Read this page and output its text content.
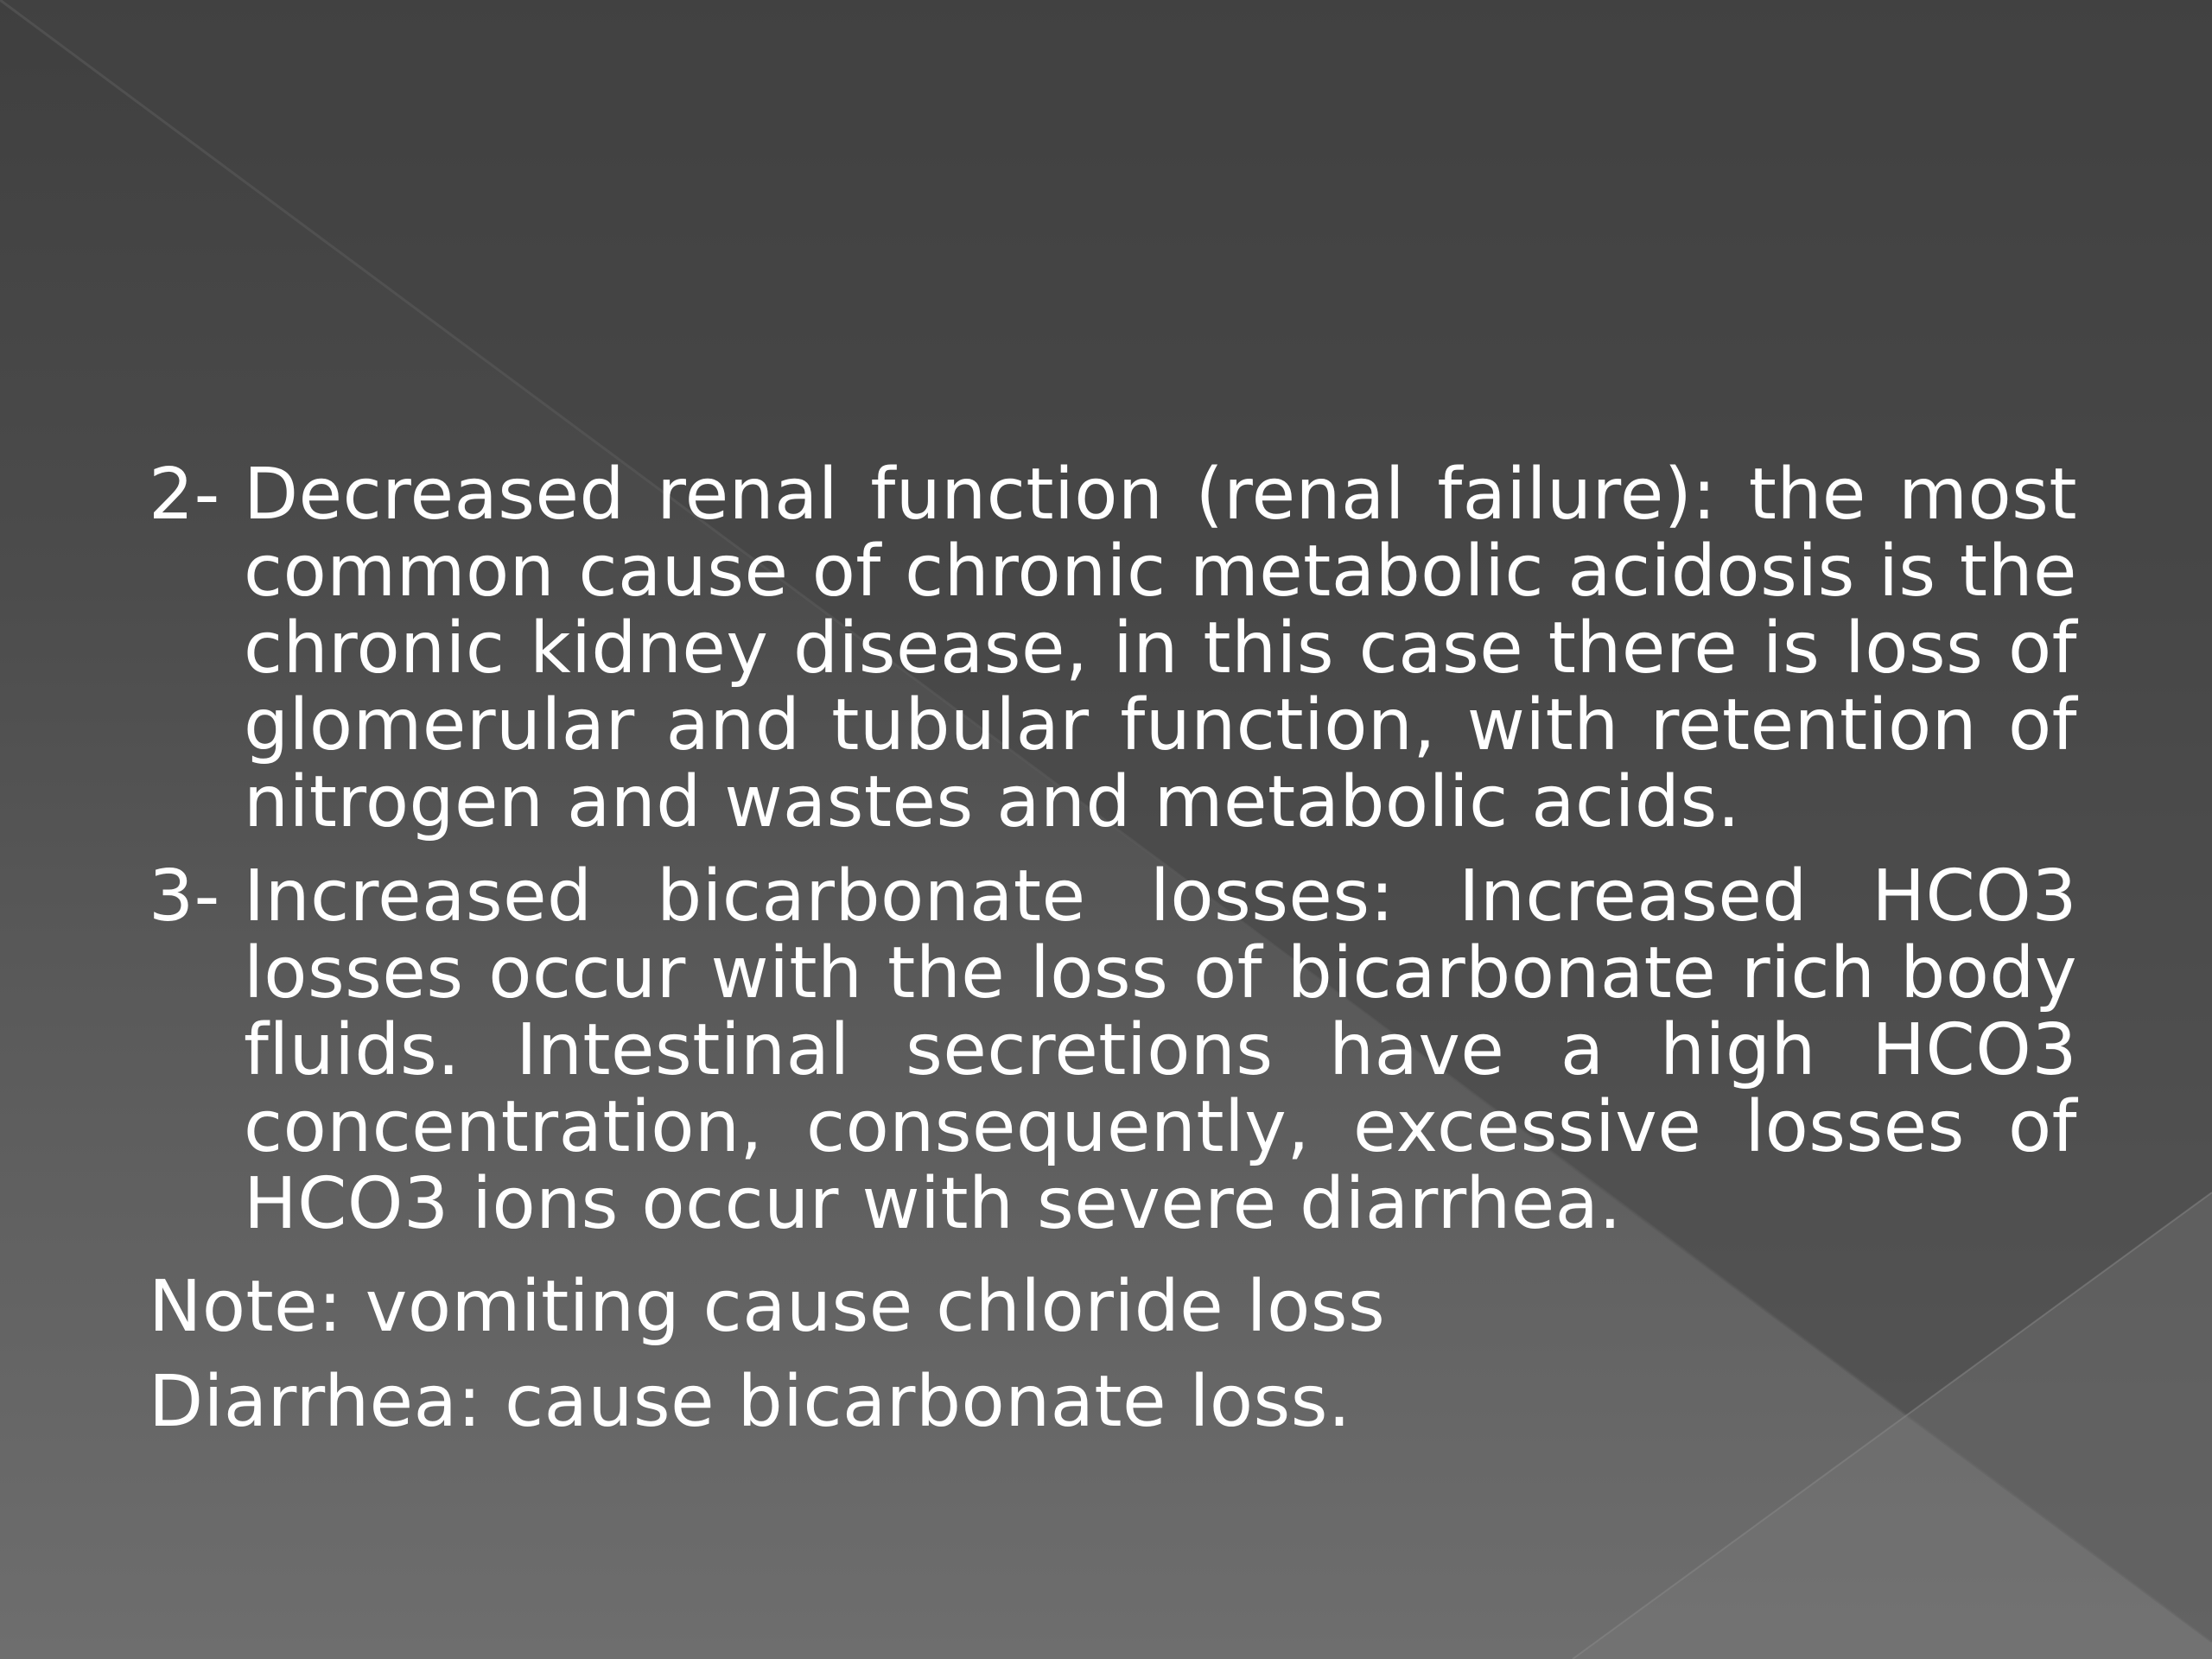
2- Decreased renal function (renal failure): the most common cause of chronic metabolic acidosis is the chronic kidney disease, in this case there is loss of glomerular and tubular function, with retention of nitrogen and wastes and metabolic acids.
3- Increased bicarbonate losses: Increased HCO3 losses occur with the loss of bicarbonate rich body fluids. Intestinal secretions have a high HCO3 concentration, consequently, excessive losses of HCO3 ions occur with severe diarrhea.

Note: vomiting cause chloride loss

Diarrhea: cause bicarbonate loss.
